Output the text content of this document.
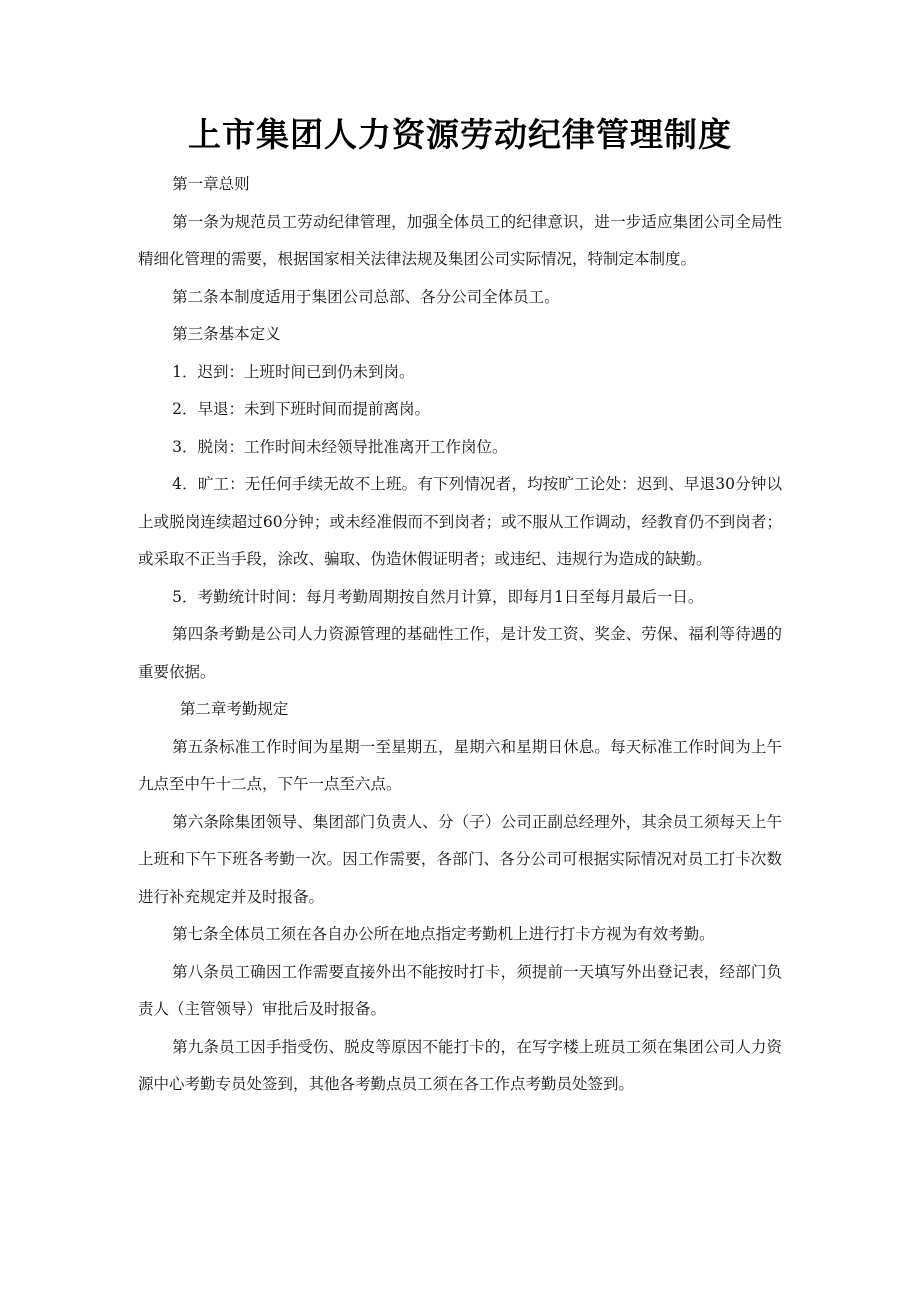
上市集团人力资源劳动纪律管理制度

第一章总则

第一条为规范员工劳动纪律管理，加强全体员工的纪律意识，进一步适应集团公司全局性精细化管理的需要，根据国家相关法律法规及集团公司实际情况，特制定本制度。

第二条本制度适用于集团公司总部、各分公司全体员工。

第三条基本定义

1．迟到：上班时间已到仍未到岗。

2．早退：未到下班时间而提前离岗。

3．脱岗：工作时间未经领导批准离开工作岗位。

4．旷工：无任何手续无故不上班。有下列情况者，均按旷工论处：迟到、早退30分钟以上或脱岗连续超过60分钟；或未经准假而不到岗者；或不服从工作调动，经教育仍不到岗者；或采取不正当手段，涂改、骗取、伪造休假证明者；或违纪、违规行为造成的缺勤。

5．考勤统计时间：每月考勤周期按自然月计算，即每月1日至每月最后一日。

第四条考勤是公司人力资源管理的基础性工作，是计发工资、奖金、劳保、福利等待遇的重要依据。

第二章考勤规定

第五条标准工作时间为星期一至星期五，星期六和星期日休息。每天标准工作时间为上午九点至中午十二点，下午一点至六点。

第六条除集团领导、集团部门负责人、分（子）公司正副总经理外，其余员工须每天上午上班和下午下班各考勤一次。因工作需要，各部门、各分公司可根据实际情况对员工打卡次数进行补充规定并及时报备。

第七条全体员工须在各自办公所在地点指定考勤机上进行打卡方视为有效考勤。

第八条员工确因工作需要直接外出不能按时打卡，须提前一天填写外出登记表，经部门负责人（主管领导）审批后及时报备。

第九条员工因手指受伤、脱皮等原因不能打卡的，在写字楼上班员工须在集团公司人力资源中心考勤专员处签到，其他各考勤点员工须在各工作点考勤员处签到。
